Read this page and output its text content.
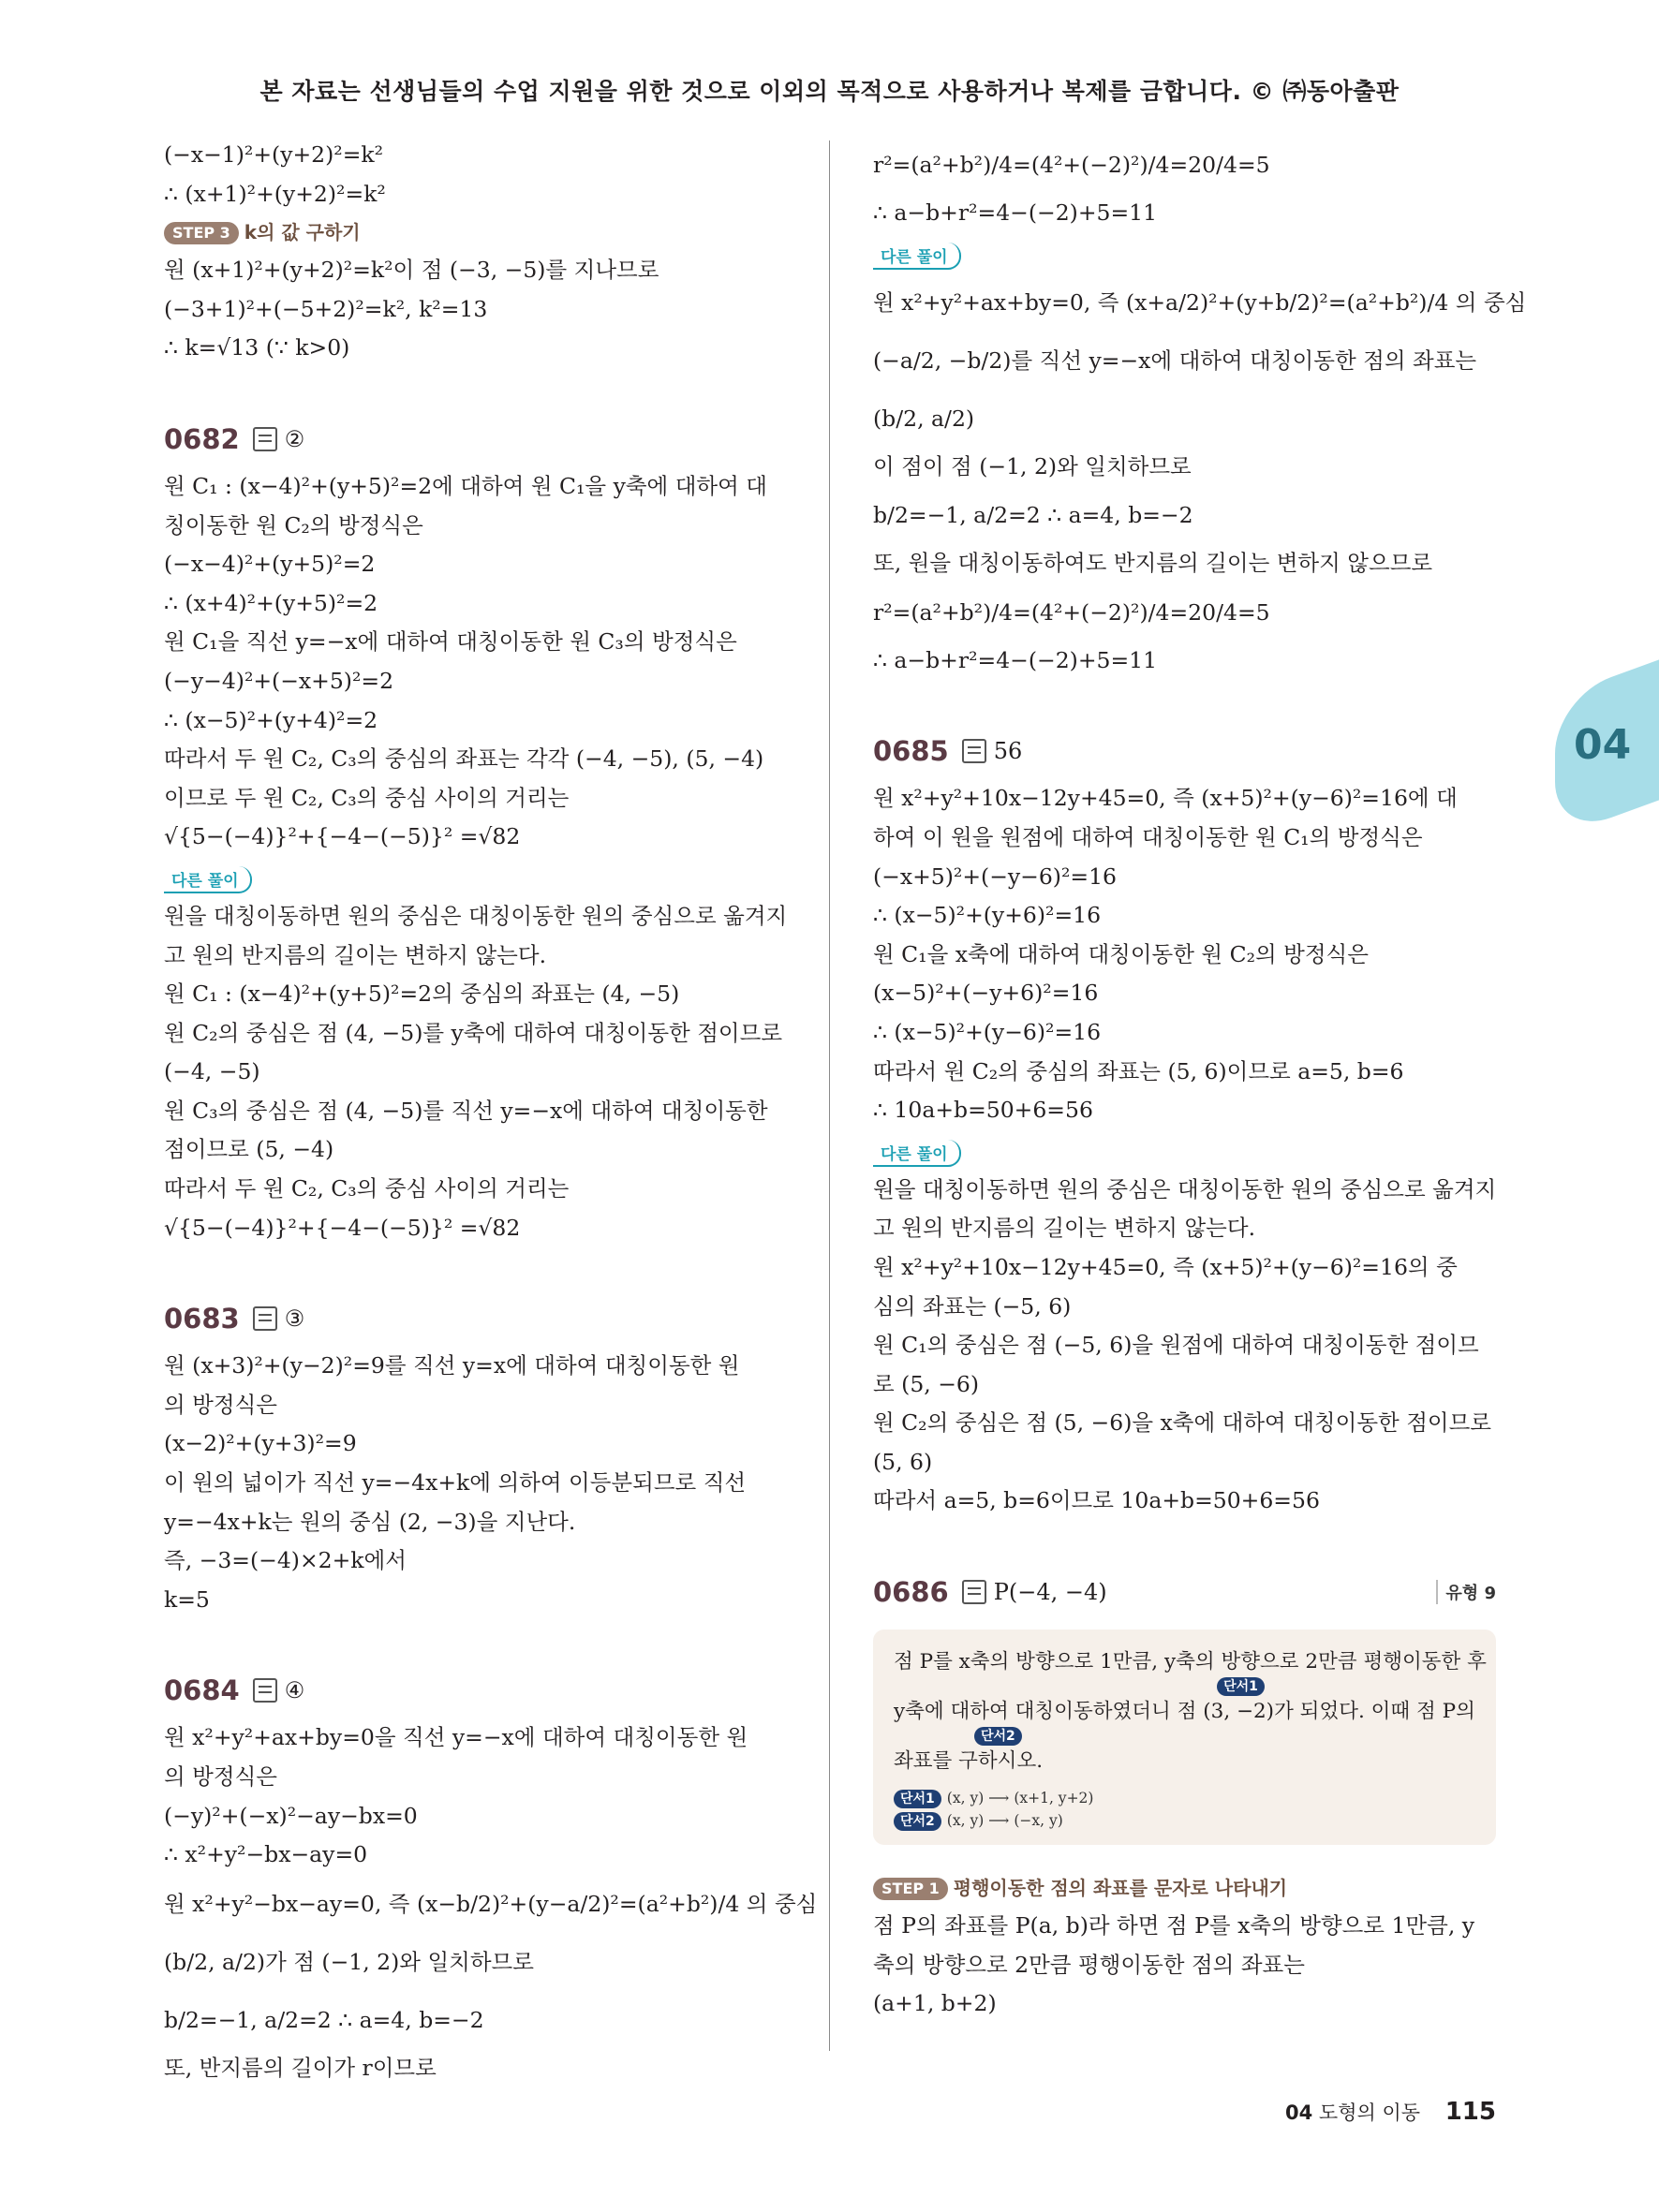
본 자료는 선생님들의 수업 지원을 위한 것으로 이외의 목적으로 사용하거나 복제를 금합니다. © ㈜동아출판
(−x−1)²+(y+2)²=k²
∴ (x+1)²+(y+2)²=k²
STEP 3 k의 값 구하기
원 (x+1)²+(y+2)²=k²이 점 (−3, −5)를 지나므로
(−3+1)²+(−5+2)²=k², k²=13
∴ k=√13 (∵ k>0)
0682 ②
원 C₁ : (x−4)²+(y+5)²=2에 대하여 원 C₁을 y축에 대하여 대
칭이동한 원 C₂의 방정식은
(−x−4)²+(y+5)²=2
∴ (x+4)²+(y+5)²=2
원 C₁을 직선 y=−x에 대하여 대칭이동한 원 C₃의 방정식은
(−y−4)²+(−x+5)²=2
∴ (x−5)²+(y+4)²=2
따라서 두 원 C₂, C₃의 중심의 좌표는 각각 (−4, −5), (5, −4)
이므로 두 원 C₂, C₃의 중심 사이의 거리는
√{5−(−4)}²+{−4−(−5)}² =√82
다른 풀이
원을 대칭이동하면 원의 중심은 대칭이동한 원의 중심으로 옮겨지
고 원의 반지름의 길이는 변하지 않는다.
원 C₁ : (x−4)²+(y+5)²=2의 중심의 좌표는 (4, −5)
원 C₂의 중심은 점 (4, −5)를 y축에 대하여 대칭이동한 점이므로
(−4, −5)
원 C₃의 중심은 점 (4, −5)를 직선 y=−x에 대하여 대칭이동한
점이므로 (5, −4)
따라서 두 원 C₂, C₃의 중심 사이의 거리는
√{5−(−4)}²+{−4−(−5)}² =√82
0683 ③
원 (x+3)²+(y−2)²=9를 직선 y=x에 대하여 대칭이동한 원
의 방정식은
(x−2)²+(y+3)²=9
이 원의 넓이가 직선 y=−4x+k에 의하여 이등분되므로 직선
y=−4x+k는 원의 중심 (2, −3)을 지난다.
즉, −3=(−4)×2+k에서
k=5
0684 ④
원 x²+y²+ax+by=0을 직선 y=−x에 대하여 대칭이동한 원
의 방정식은
(−y)²+(−x)²−ay−bx=0
∴ x²+y²−bx−ay=0
원 x²+y²−bx−ay=0, 즉 (x−b/2)²+(y−a/2)²=(a²+b²)/4 의 중심
(b/2, a/2)가 점 (−1, 2)와 일치하므로
b/2=−1, a/2=2 ∴ a=4, b=−2
또, 반지름의 길이가 r이므로
r²=(a²+b²)/4=(4²+(−2)²)/4=20/4=5
∴ a−b+r²=4−(−2)+5=11
다른 풀이
원 x²+y²+ax+by=0, 즉 (x+a/2)²+(y+b/2)²=(a²+b²)/4 의 중심
(−a/2, −b/2)를 직선 y=−x에 대하여 대칭이동한 점의 좌표는
(b/2, a/2)
이 점이 점 (−1, 2)와 일치하므로
b/2=−1, a/2=2 ∴ a=4, b=−2
또, 원을 대칭이동하여도 반지름의 길이는 변하지 않으므로
r²=(a²+b²)/4=(4²+(−2)²)/4=20/4=5
∴ a−b+r²=4−(−2)+5=11
0685 56
원 x²+y²+10x−12y+45=0, 즉 (x+5)²+(y−6)²=16에 대
하여 이 원을 원점에 대하여 대칭이동한 원 C₁의 방정식은
(−x+5)²+(−y−6)²=16
∴ (x−5)²+(y+6)²=16
원 C₁을 x축에 대하여 대칭이동한 원 C₂의 방정식은
(x−5)²+(−y+6)²=16
∴ (x−5)²+(y−6)²=16
따라서 원 C₂의 중심의 좌표는 (5, 6)이므로 a=5, b=6
∴ 10a+b=50+6=56
다른 풀이
원을 대칭이동하면 원의 중심은 대칭이동한 원의 중심으로 옮겨지
고 원의 반지름의 길이는 변하지 않는다.
원 x²+y²+10x−12y+45=0, 즉 (x+5)²+(y−6)²=16의 중
심의 좌표는 (−5, 6)
원 C₁의 중심은 점 (−5, 6)을 원점에 대하여 대칭이동한 점이므
로 (5, −6)
원 C₂의 중심은 점 (5, −6)을 x축에 대하여 대칭이동한 점이므로
(5, 6)
따라서 a=5, b=6이므로 10a+b=50+6=56
0686 P(−4, −4)	유형 9
점 P를 x축의 방향으로 1만큼, y축의 방향으로 2만큼 평행이동한 후
단서1
y축에 대하여 대칭이동하였더니 점 (3, −2)가 되었다. 이때 점 P의
단서2
좌표를 구하시오.
단서1 (x, y) ⟶ (x+1, y+2)
단서2 (x, y) ⟶ (−x, y)
STEP 1 평행이동한 점의 좌표를 문자로 나타내기
점 P의 좌표를 P(a, b)라 하면 점 P를 x축의 방향으로 1만큼, y
축의 방향으로 2만큼 평행이동한 점의 좌표는
(a+1, b+2)
04
04 도형의 이동 115
